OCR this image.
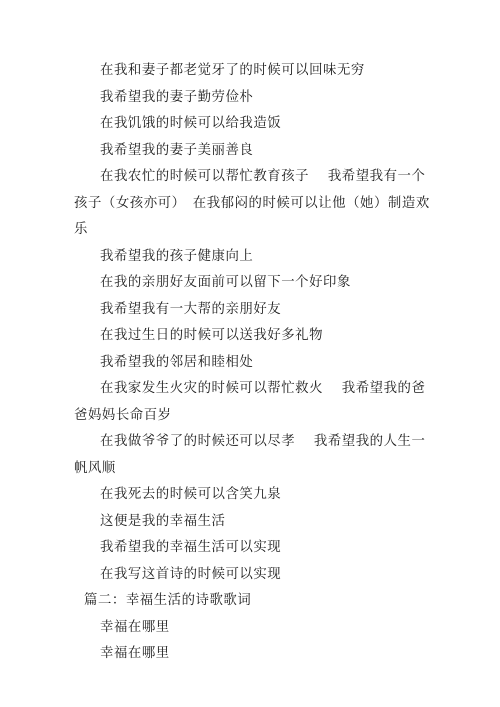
在我和妻子都老觉牙了的时候可以回味无穷

我希望我的妻子勤劳俭朴

在我饥饿的时候可以给我造饭

我希望我的妻子美丽善良

在我农忙的时候可以帮忙教育孩子　 我希望我有一个孩子（女孩亦可）　在我郁闷的时候可以让他（她）制造欢乐

我希望我的孩子健康向上

在我的亲朋好友面前可以留下一个好印象

我希望我有一大帮的亲朋好友

在我过生日的时候可以送我好多礼物

我希望我的邻居和睦相处

在我家发生火灾的时候可以帮忙救火　 我希望我的爸爸妈妈长命百岁

在我做爷爷了的时候还可以尽孝　 我希望我的人生一帆风顺

在我死去的时候可以含笑九泉

这便是我的幸福生活

我希望我的幸福生活可以实现

在我写这首诗的时候可以实现

篇二：幸福生活的诗歌歌词

幸福在哪里

幸福在哪里
